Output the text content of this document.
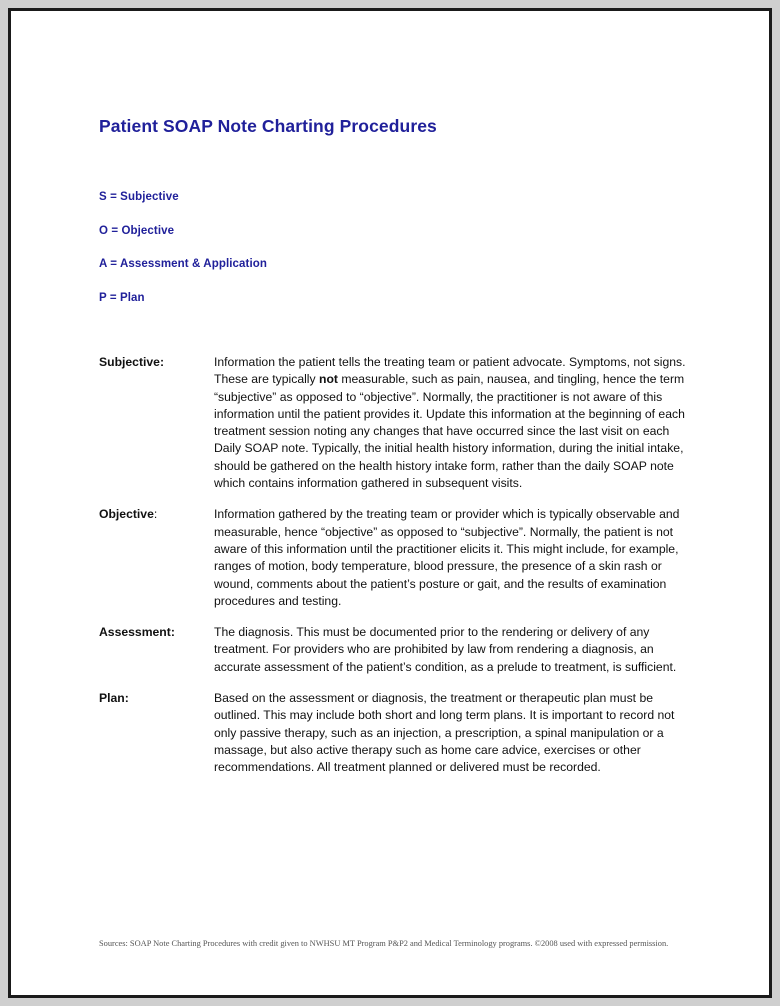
Patient SOAP Note Charting Procedures
S = Subjective
O = Objective
A = Assessment & Application
P = Plan
Subjective:	Information the patient tells the treating team or patient advocate. Symptoms, not signs. These are typically not measurable, such as pain, nausea, and tingling, hence the term “subjective” as opposed to “objective”. Normally, the practitioner is not aware of this information until the patient provides it. Update this information at the beginning of each treatment session noting any changes that have occurred since the last visit on each Daily SOAP note. Typically, the initial health history information, during the initial intake, should be gathered on the health history intake form, rather than the daily SOAP note which contains information gathered in subsequent visits.
Objective:	Information gathered by the treating team or provider which is typically observable and measurable, hence “objective” as opposed to “subjective”. Normally, the patient is not aware of this information until the practitioner elicits it. This might include, for example, ranges of motion, body temperature, blood pressure, the presence of a skin rash or wound, comments about the patient’s posture or gait, and the results of examination procedures and testing.
Assessment:	The diagnosis. This must be documented prior to the rendering or delivery of any treatment. For providers who are prohibited by law from rendering a diagnosis, an accurate assessment of the patient’s condition, as a prelude to treatment, is sufficient.
Plan:	Based on the assessment or diagnosis, the treatment or therapeutic plan must be outlined. This may include both short and long term plans. It is important to record not only passive therapy, such as an injection, a prescription, a spinal manipulation or a massage, but also active therapy such as home care advice, exercises or other recommendations. All treatment planned or delivered must be recorded.
Sources: SOAP Note Charting Procedures with credit given to NWHSU MT Program P&P2 and Medical Terminology programs. ©2008 used with expressed permission.
